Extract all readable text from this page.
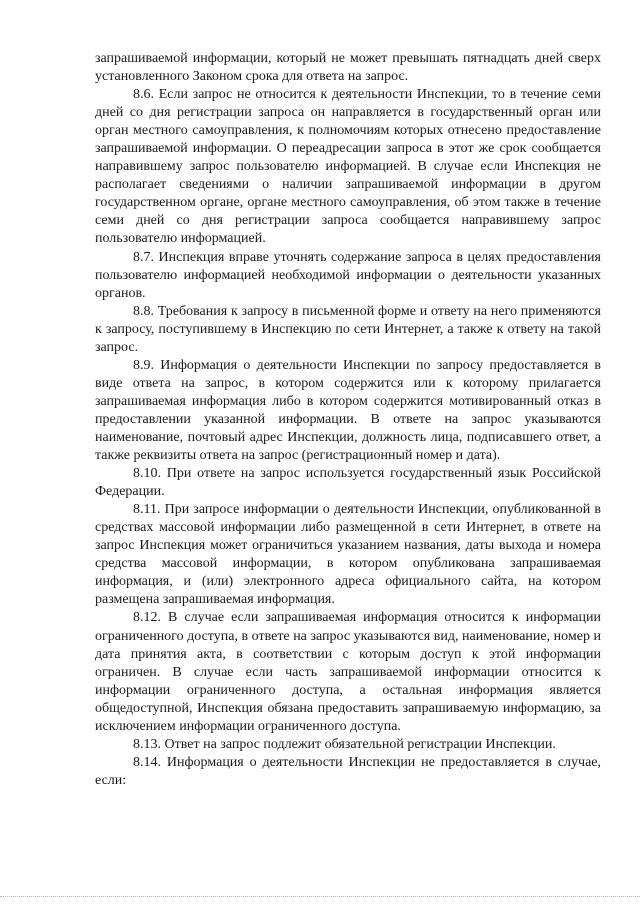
запрашиваемой информации, который не может превышать пятнадцать дней сверх установленного Законом срока для ответа на запрос.

8.6. Если запрос не относится к деятельности Инспекции, то в течение семи дней со дня регистрации запроса он направляется в государственный орган или орган местного самоуправления, к полномочиям которых отнесено предоставление запрашиваемой информации. О переадресации запроса в этот же срок сообщается направившему запрос пользователю информацией. В случае если Инспекция не располагает сведениями о наличии запрашиваемой информации в другом государственном органе, органе местного самоуправления, об этом также в течение семи дней со дня регистрации запроса сообщается направившему запрос пользователю информацией.

8.7. Инспекция вправе уточнять содержание запроса в целях предоставления пользователю информацией необходимой информации о деятельности указанных органов.

8.8. Требования к запросу в письменной форме и ответу на него применяются к запросу, поступившему в Инспекцию по сети Интернет, а также к ответу на такой запрос.

8.9. Информация о деятельности Инспекции по запросу предоставляется в виде ответа на запрос, в котором содержится или к которому прилагается запрашиваемая информация либо в котором содержится мотивированный отказ в предоставлении указанной информации. В ответе на запрос указываются наименование, почтовый адрес Инспекции, должность лица, подписавшего ответ, а также реквизиты ответа на запрос (регистрационный номер и дата).

8.10. При ответе на запрос используется государственный язык Российской Федерации.

8.11. При запросе информации о деятельности Инспекции, опубликованной в средствах массовой информации либо размещенной в сети Интернет, в ответе на запрос Инспекция может ограничиться указанием названия, даты выхода и номера средства массовой информации, в котором опубликована запрашиваемая информация, и (или) электронного адреса официального сайта, на котором размещена запрашиваемая информация.

8.12. В случае если запрашиваемая информация относится к информации ограниченного доступа, в ответе на запрос указываются вид, наименование, номер и дата принятия акта, в соответствии с которым доступ к этой информации ограничен. В случае если часть запрашиваемой информации относится к информации ограниченного доступа, а остальная информация является общедоступной, Инспекция обязана предоставить запрашиваемую информацию, за исключением информации ограниченного доступа.

8.13. Ответ на запрос подлежит обязательной регистрации Инспекции.

8.14. Информация о деятельности Инспекции не предоставляется в случае, если:
